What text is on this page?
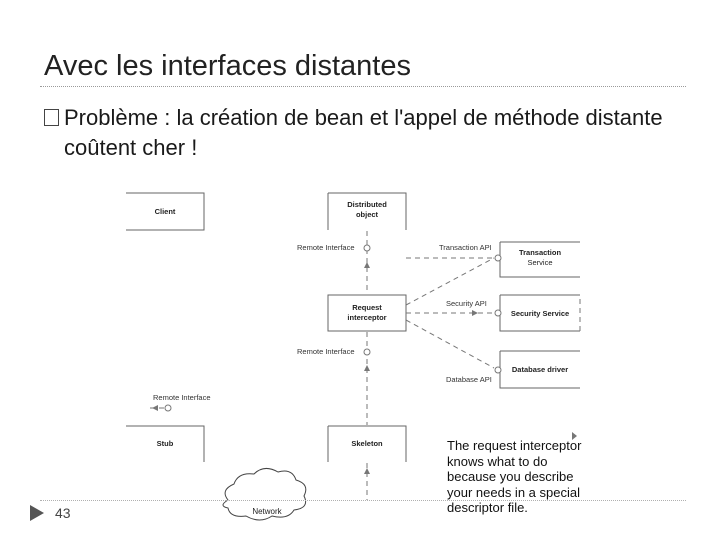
Avec les interfaces distantes
Problème : la création de bean et l'appel de méthode distante coûtent cher !
Client
Distributed object
Transaction Service
Request interceptor	Security Service
Database driver
Stub	Skeleton
Remote Interface	Transaction API
Security API
Remote Interface
Database API
Remote Interface
Network
43
The request interceptor knows what to do because you describe your needs in a special descriptor file.
